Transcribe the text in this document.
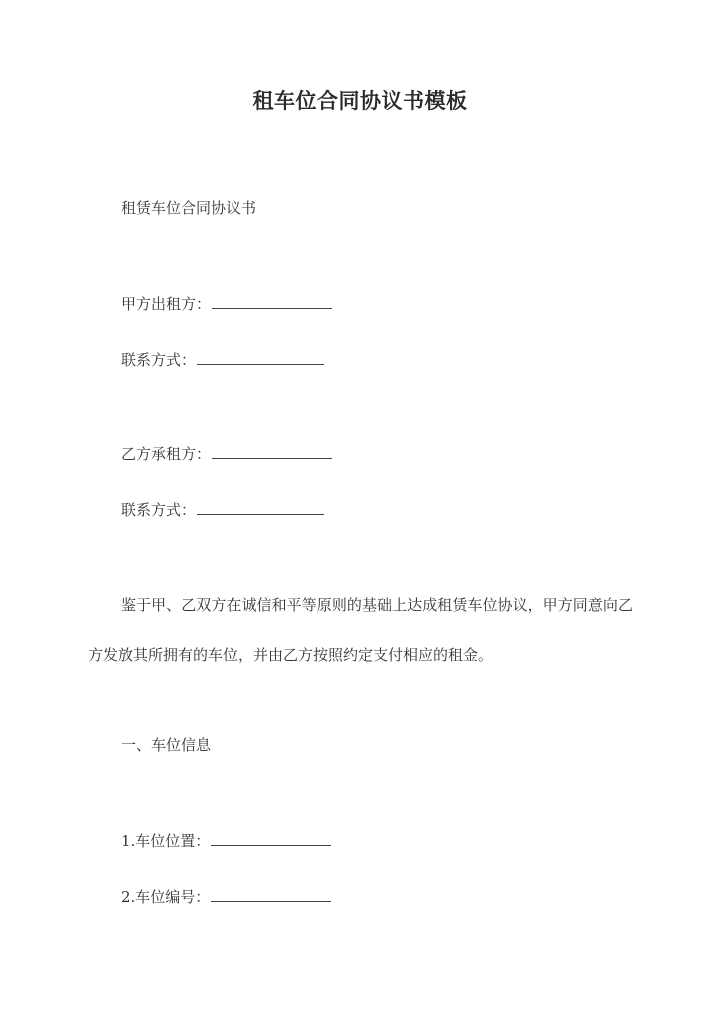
租车位合同协议书模板
租赁车位合同协议书
甲方出租方：
联系方式：
乙方承租方：
联系方式：

鉴于甲、乙双方在诚信和平等原则的基础上达成租赁车位协议，甲方同意向乙方发放其所拥有的车位，并由乙方按照约定支付相应的租金。

一、车位信息
1.车位位置：
2.车位编号：
